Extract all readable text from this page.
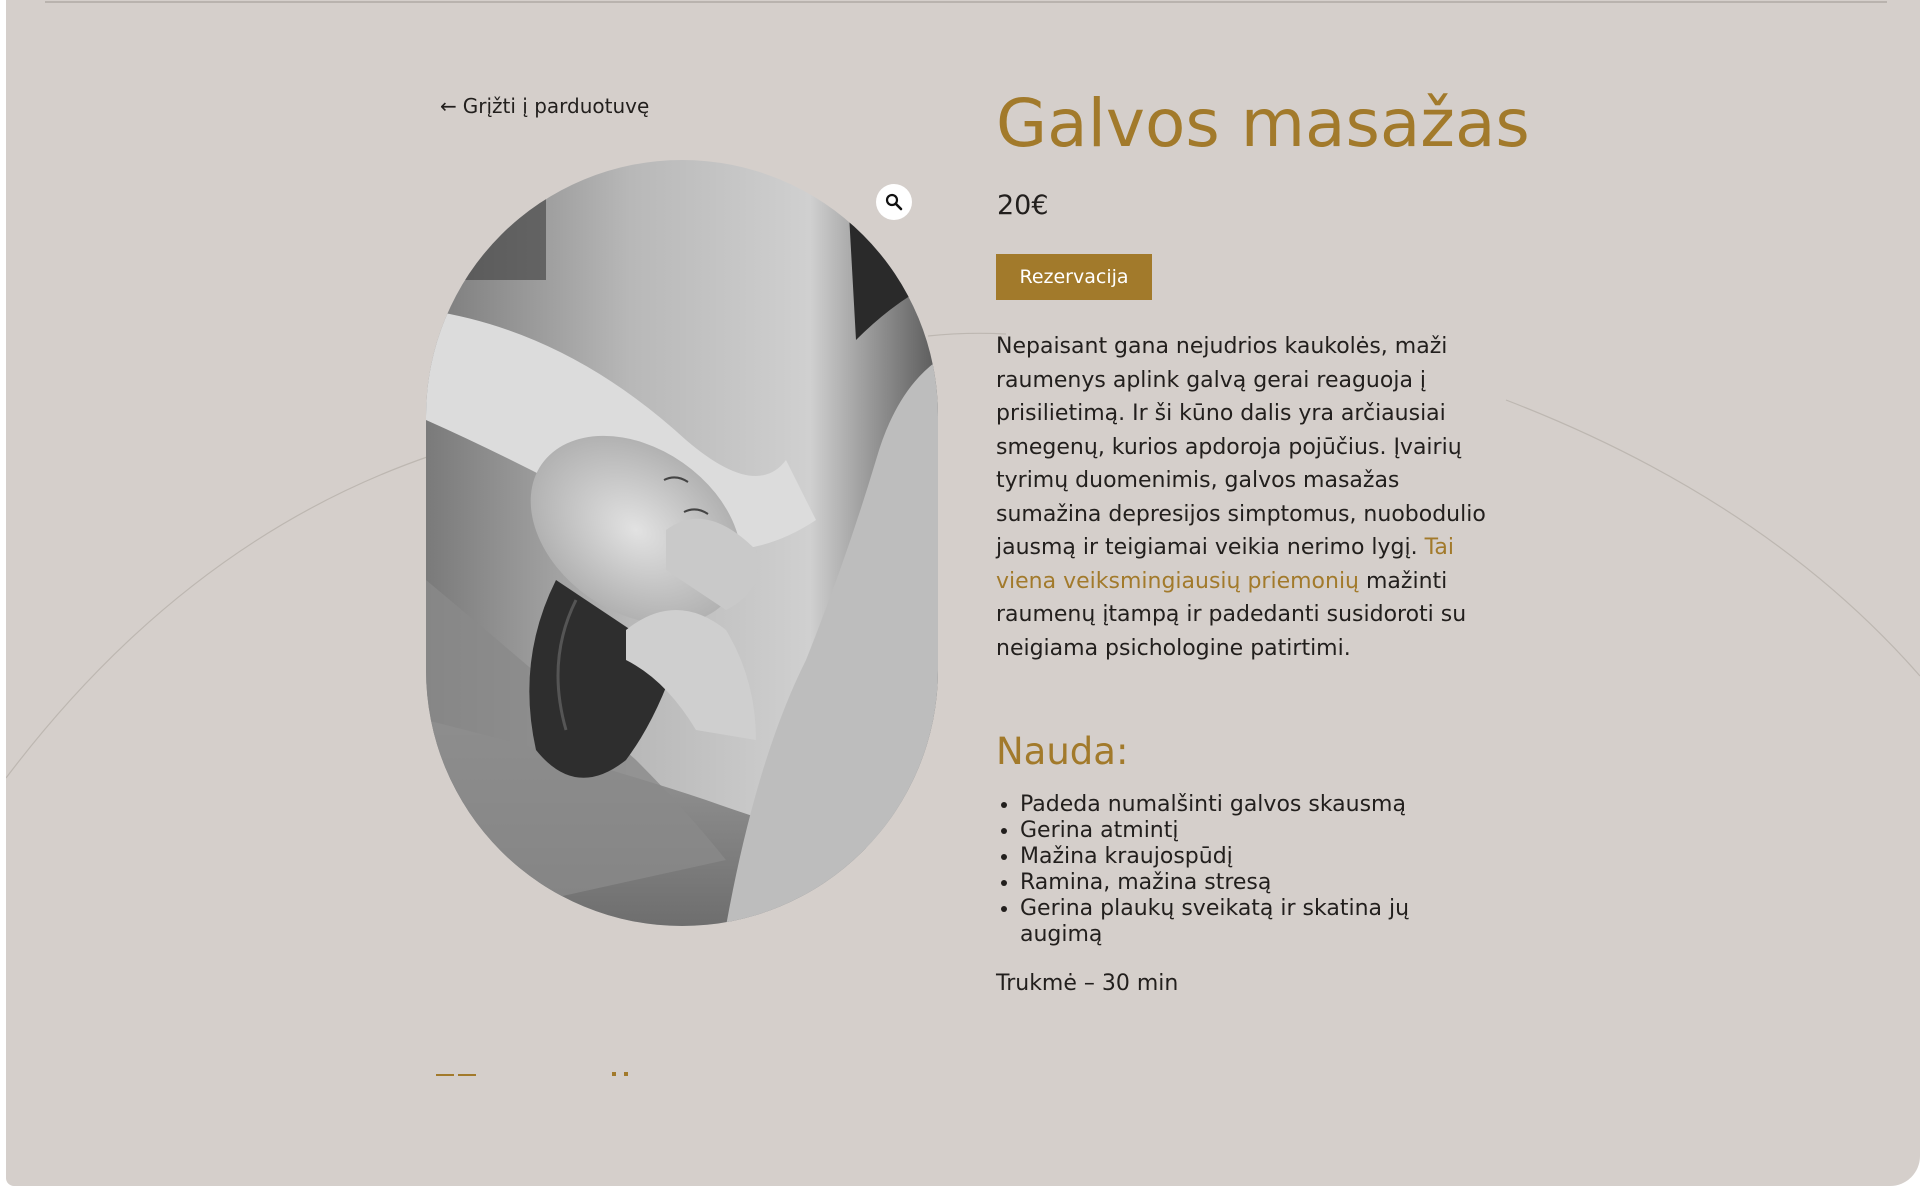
← Grįžti į parduotuvę	Galvos masažas
20€
Rezervacija

Nepaisant gana nejudrios kaukolės, maži raumenys aplink galvą gerai reaguoja į prisilietimą. Ir ši kūno dalis yra arčiausiai smegenų, kurios apdoroja pojūčius. Įvairių tyrimų duomenimis, galvos masažas sumažina depresijos simptomus, nuobodulio jausmą ir teigiamai veikia nerimo lygį. Tai viena veiksmingiausių priemonių mažinti raumenų įtampą ir padedanti susidoroti su neigiama psichologine patirtimi.

Nauda:
• Padeda numalšinti galvos skausmą
• Gerina atmintį
• Mažina kraujospūdį
• Ramina, mažina stresą
• Gerina plaukų sveikatą ir skatina jų augimą
Trukmė – 30 min
